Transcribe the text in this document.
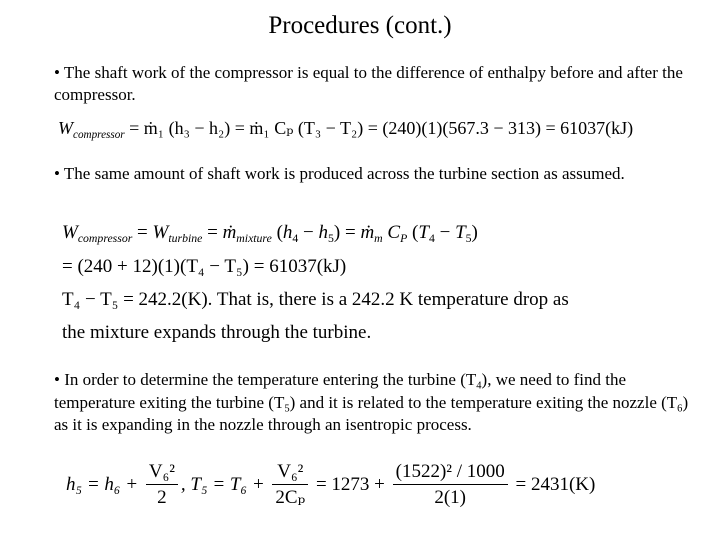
Procedures (cont.)
• The shaft work of the compressor is equal to the difference of enthalpy before and after the compressor.
$W_{compressor}$ = ṁ₁ (h₃ − h₂) = ṁ₁ Cₚ (T₃ − T₂) = (240)(1)(567.3 − 313) = 61037(kJ)
• The same amount of shaft work is produced across the turbine section as assumed.
$W_{compressor} = W_{turbine}$ = $ṁ_{mixture}$ $(h_4 - h_5)$ = $ṁ_m$ $C_P$ $(T_4 - T_5)$
= (240 + 12)(1)(T₄ − T₅) = 61037(kJ)
T₄ − T₅ = 242.2(K). That is, there is a 242.2 K temperature drop as
the mixture expands through the turbine.
• In order to determine the temperature entering the turbine $(T_4)$, we need to find the temperature exiting the turbine $(T_5)$ and it is related to the temperature exiting the nozzle $(T_6)$ as it is expanding in the nozzle through an isentropic process.
$h_5 = h_6 + \frac{\text{V₆²}}{2}$ , $T_5 = T_6 + \frac{\text{V₆²}}{\text{2Cₚ}} = 1273 + \frac{\text{(1522)² / 1000}}{2(1)} = 2431(K)$
